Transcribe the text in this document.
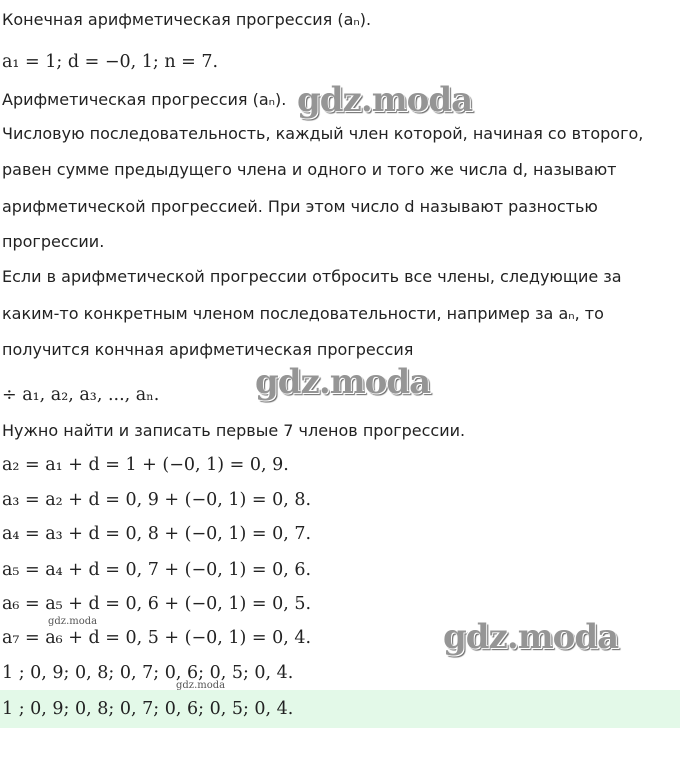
Конечная арифметическая прогрессия (aₙ).
a₁ = 1; d = −0, 1; n = 7.
Арифметическая прогрессия (aₙ).
Числовую последовательность, каждый член которой, начиная со второго,
равен сумме предыдущего члена и одного и того же числа d, называют
арифметической прогрессией. При этом число d называют разностью
прогрессии.
Если в арифметической прогрессии отбросить все члены, следующие за
каким-то конкретным членом последовательности, например за aₙ, то
получится кончная арифметическая прогрессия
÷ a₁, a₂, a₃, ..., aₙ.
Нужно найти и записать первые 7 членов прогрессии.
a₂ = a₁ + d = 1 + (−0, 1) = 0, 9.
a₃ = a₂ + d = 0, 9 + (−0, 1) = 0, 8.
a₄ = a₃ + d = 0, 8 + (−0, 1) = 0, 7.
a₅ = a₄ + d = 0, 7 + (−0, 1) = 0, 6.
a₆ = a₅ + d = 0, 6 + (−0, 1) = 0, 5.
a₇ = a₆ + d = 0, 5 + (−0, 1) = 0, 4.
1 ; 0, 9; 0, 8; 0, 7; 0, 6; 0, 5; 0, 4.
1 ; 0, 9; 0, 8; 0, 7; 0, 6; 0, 5; 0, 4.
gdz.moda
gdz.moda
gdz.moda
gdz.moda
gdz.moda
